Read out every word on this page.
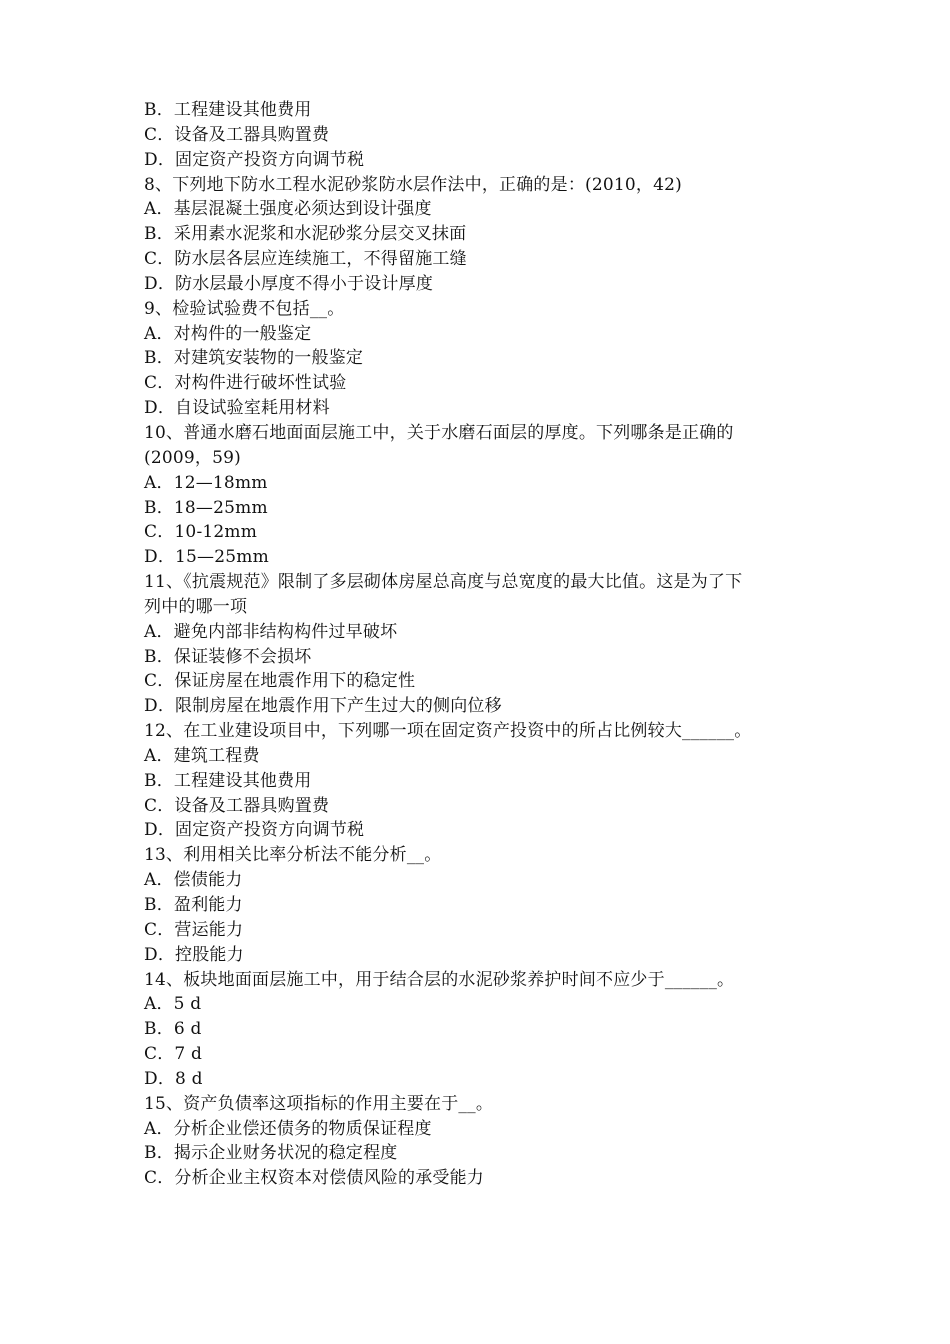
B．工程建设其他费用
C．设备及工器具购置费
D．固定资产投资方向调节税
8、下列地下防水工程水泥砂浆防水层作法中，正确的是：(2010，42)
A．基层混凝土强度必须达到设计强度
B．采用素水泥浆和水泥砂浆分层交叉抹面
C．防水层各层应连续施工，不得留施工缝
D．防水层最小厚度不得小于设计厚度
9、检验试验费不包括__。
A．对构件的一般鉴定
B．对建筑安装物的一般鉴定
C．对构件进行破坏性试验
D．自设试验室耗用材料
10、普通水磨石地面面层施工中，关于水磨石面层的厚度。下列哪条是正确的
(2009，59)
A．12—18mm
B．18—25mm
C．10-12mm
D．15—25mm
11、《抗震规范》限制了多层砌体房屋总高度与总宽度的最大比值。这是为了下
列中的哪一项
A．避免内部非结构构件过早破坏
B．保证装修不会损坏
C．保证房屋在地震作用下的稳定性
D．限制房屋在地震作用下产生过大的侧向位移
12、在工业建设项目中，下列哪一项在固定资产投资中的所占比例较大______。
A．建筑工程费
B．工程建设其他费用
C．设备及工器具购置费
D．固定资产投资方向调节税
13、利用相关比率分析法不能分析__。
A．偿债能力
B．盈利能力
C．营运能力
D．控股能力
14、板块地面面层施工中，用于结合层的水泥砂浆养护时间不应少于______。
A．5 d
B．6 d
C．7 d
D．8 d
15、资产负债率这项指标的作用主要在于__。
A．分析企业偿还债务的物质保证程度
B．揭示企业财务状况的稳定程度
C．分析企业主权资本对偿债风险的承受能力
